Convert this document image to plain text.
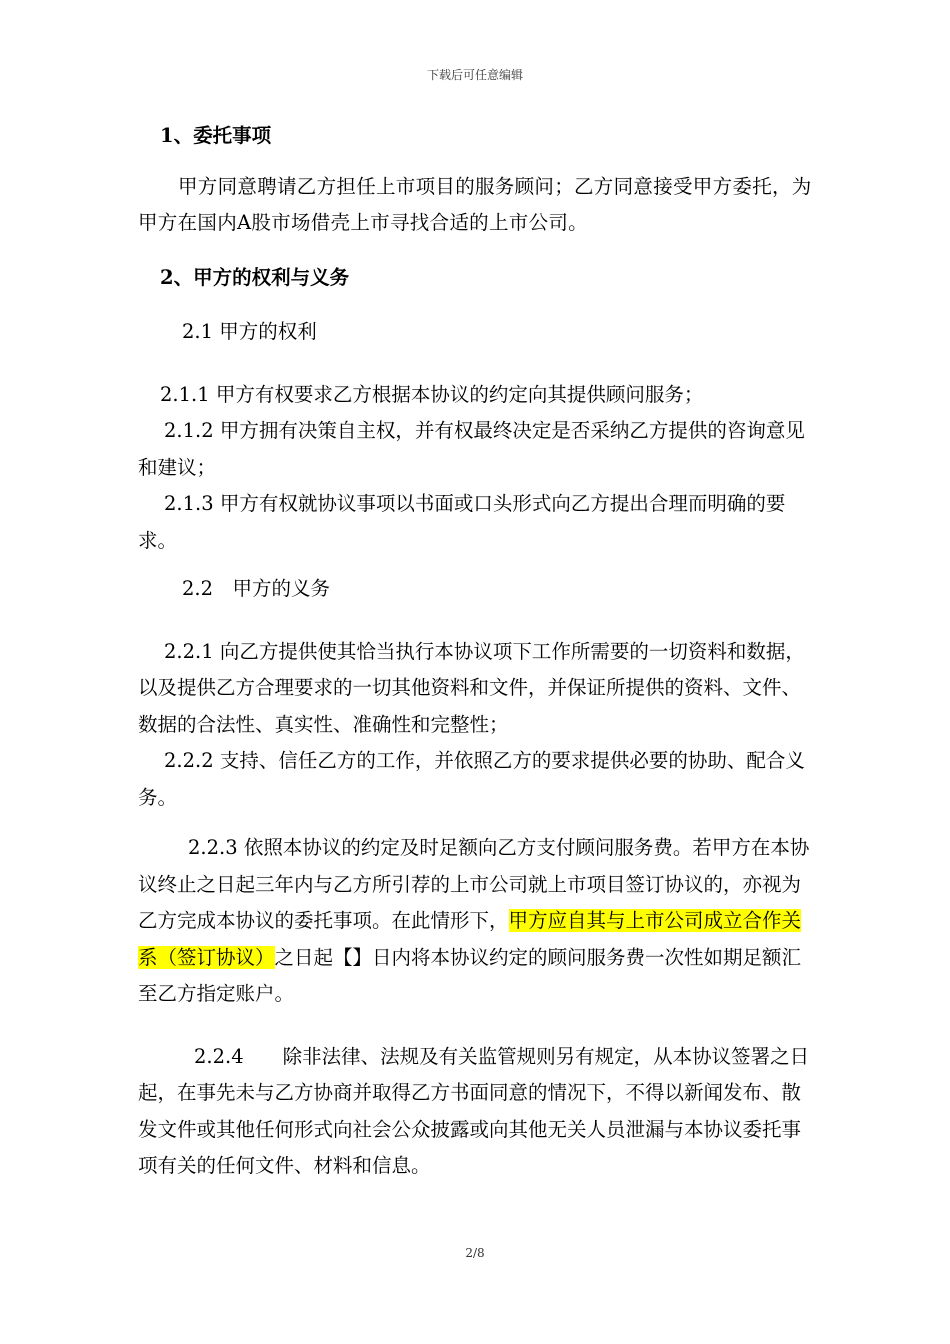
下载后可任意编辑

1、委托事项

甲方同意聘请乙方担任上市项目的服务顾问；乙方同意接受甲方委托，为甲方在国内A股市场借壳上市寻找合适的上市公司。

2、甲方的权利与义务

2.1 甲方的权利

2.1.1 甲方有权要求乙方根据本协议的约定向其提供顾问服务；

2.1.2 甲方拥有决策自主权，并有权最终决定是否采纳乙方提供的咨询意见和建议；

2.1.3 甲方有权就协议事项以书面或口头形式向乙方提出合理而明确的要求。

2.2　甲方的义务

2.2.1 向乙方提供使其恰当执行本协议项下工作所需要的一切资料和数据，以及提供乙方合理要求的一切其他资料和文件，并保证所提供的资料、文件、数据的合法性、真实性、准确性和完整性；

2.2.2 支持、信任乙方的工作，并依照乙方的要求提供必要的协助、配合义务。

2.2.3 依照本协议的约定及时足额向乙方支付顾问服务费。若甲方在本协议终止之日起三年内与乙方所引荐的上市公司就上市项目签订协议的，亦视为乙方完成本协议的委托事项。在此情形下，甲方应自其与上市公司成立合作关系（签订协议）之日起【】日内将本协议约定的顾问服务费一次性如期足额汇至乙方指定账户。

2.2.4　　除非法律、法规及有关监管规则另有规定，从本协议签署之日起，在事先未与乙方协商并取得乙方书面同意的情况下，不得以新闻发布、散发文件或其他任何形式向社会公众披露或向其他无关人员泄漏与本协议委托事项有关的任何文件、材料和信息。

2/8
